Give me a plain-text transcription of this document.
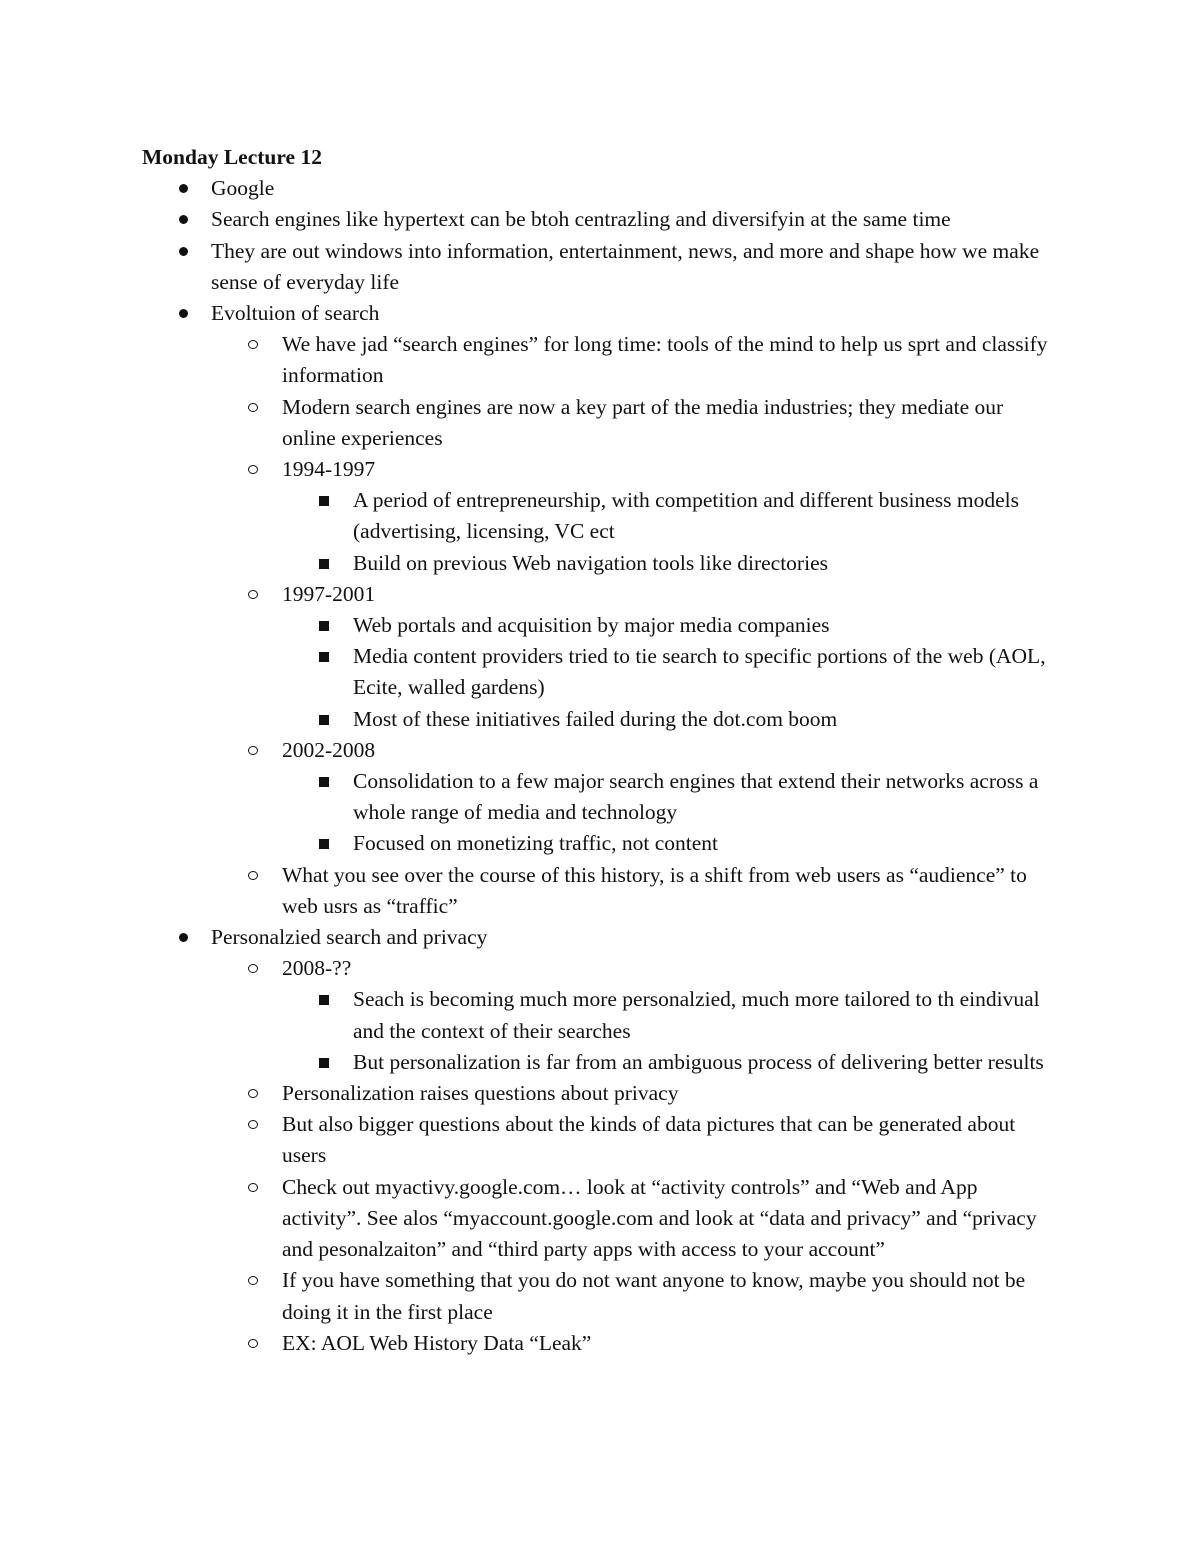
Monday Lecture 12
Google
Search engines like hypertext can be btoh centrazling and diversifyin at the same time
They are out windows into information, entertainment, news, and more and shape how we make sense of everyday life
Evoltuion of search
We have jad “search engines” for long time: tools of the mind to help us sprt and classify information
Modern search engines are now a key part of the media industries; they mediate our online experiences
1994-1997
A period of entrepreneurship, with competition and different business models (advertising, licensing, VC ect
Build on previous Web navigation tools like directories
1997-2001
Web portals and acquisition by major media companies
Media content providers tried to tie search to specific portions of the web (AOL, Ecite, walled gardens)
Most of these initiatives failed during the dot.com boom
2002-2008
Consolidation to a few major search engines that extend their networks across a whole range of media and technology
Focused on monetizing traffic, not content
What you see over the course of this history, is a shift from web users as “audience” to web usrs as “traffic”
Personalzied search and privacy
2008-??
Seach is becoming much more personalzied, much more tailored to th eindivual and the context of their searches
But personalization is far from an ambiguous process of delivering better results
Personalization raises questions about privacy
But also bigger questions about the kinds of data pictures that can be generated about users
Check out myactivy.google.com… look at “activity controls” and “Web and App activity”. See alos “myaccount.google.com and look at “data and privacy” and “privacy and pesonalzaiton” and “third party apps with access to your account”
If you have something that you do not want anyone to know, maybe you should not be doing it in the first place
EX: AOL Web History Data “Leak”
